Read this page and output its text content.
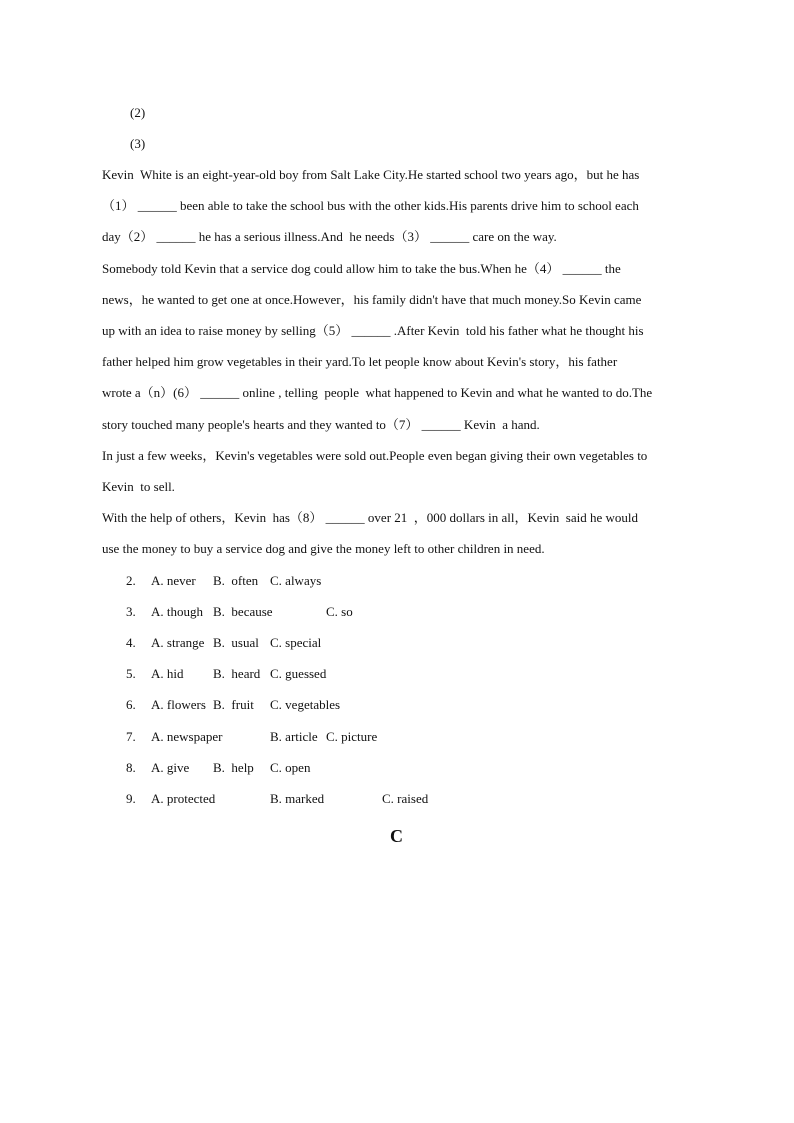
(2)
(3)
Kevin  White is an eight-year-old boy from Salt Lake City.He started school two years ago，but he has
（1） ______ been able to take the school bus with the other kids.His parents drive him to school each
day（2） ______ he has a serious illness.And  he needs（3） ______ care on the way.
Somebody told Kevin that a service dog could allow him to take the bus.When he（4） ______ the
news，he wanted to get one at once.However，his family didn't have that much money.So Kevin came
up with an idea to raise money by selling（5） ______ .After Kevin  told his father what he thought his
father helped him grow vegetables in their yard.To let people know about Kevin's story，his father
wrote a（n）(6） ______ online , telling  people  what happened to Kevin and what he wanted to do.The
story touched many people's hearts and they wanted to（7） ______ Kevin  a hand.
In just a few weeks，Kevin's vegetables were sold out.People even began giving their own vegetables to
Kevin  to sell.
With the help of others，Kevin  has（8） ______ over 21  ，000 dollars in all，Kevin  said he would
use the money to buy a service dog and give the money left to other children in need.
2. A. never B.  often C. always
3. A. though B.  because	C. so
4. A. strange B.  usual C. special
5. A. hid B.  heard C. guessed
6. A. flowers B.  fruit C. vegetables
7. A. newspaper	B. article C. picture
8. A. give B.  help C. open
9. A. protected	B. marked	C. raised
C
